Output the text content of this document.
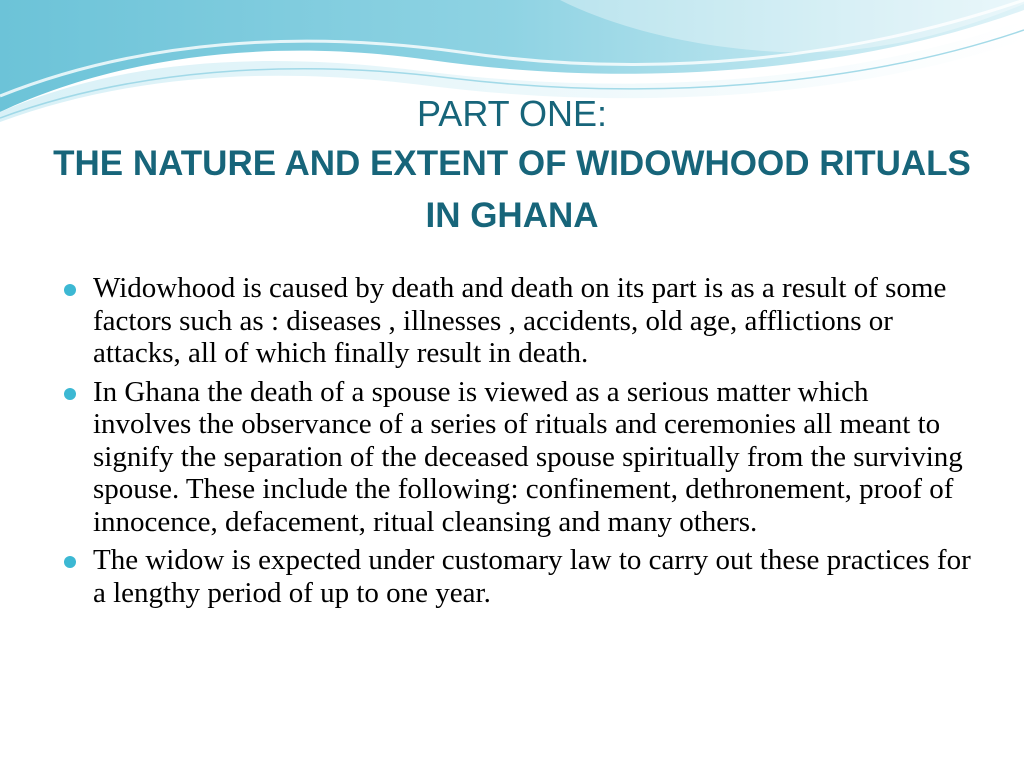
PART ONE:
THE NATURE AND EXTENT OF WIDOWHOOD RITUALS IN GHANA
Widowhood is caused by death and death on its part is as a result of some factors such as : diseases , illnesses , accidents, old age, afflictions or attacks, all of which finally result in death.
In Ghana the death of a spouse is viewed as a serious matter which involves the observance of a series of rituals and ceremonies all meant to signify the separation of the deceased spouse spiritually from the surviving spouse. These include the following: confinement, dethronement, proof of innocence, defacement, ritual cleansing and many others.
The widow is expected under customary law to carry out these practices for a lengthy period of up to one year.
